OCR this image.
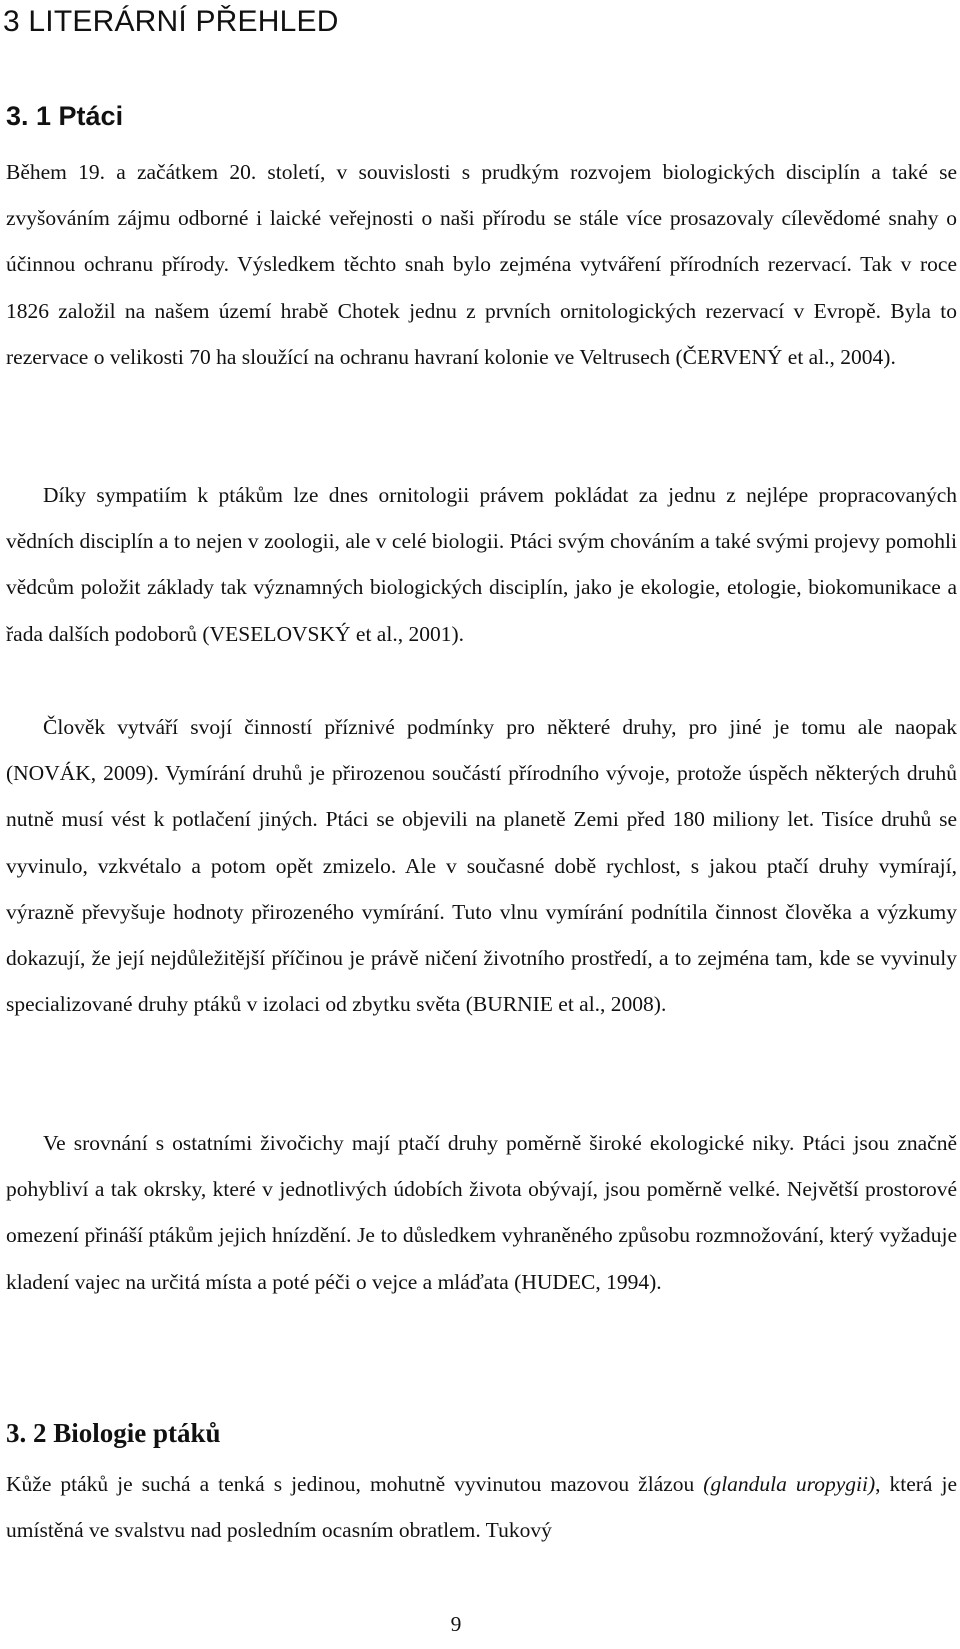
3 LITERÁRNÍ PŘEHLED
3. 1 Ptáci

Během 19. a začátkem 20. století, v souvislosti s prudkým rozvojem biologických disciplín a také se zvyšováním zájmu odborné i laické veřejnosti o naši přírodu se stále více prosazovaly cílevědomé snahy o účinnou ochranu přírody. Výsledkem těchto snah bylo zejména vytváření přírodních rezervací. Tak v roce 1826 založil na našem území hrabě Chotek jednu z prvních ornitologických rezervací v Evropě. Byla to rezervace o velikosti 70 ha sloužící na ochranu havraní kolonie ve Veltrusech (ČERVENÝ et al., 2004).

Díky sympatiím k ptákům lze dnes ornitologii právem pokládat za jednu z nejlépe propracovaných vědních disciplín a to nejen v zoologii, ale v celé biologii. Ptáci svým chováním a také svými projevy pomohli vědcům položit základy tak významných biologických disciplín, jako je ekologie, etologie, biokomunikace a řada dalších podoborů (VESELOVSKÝ et al., 2001).

Člověk vytváří svojí činností příznivé podmínky pro některé druhy, pro jiné je tomu ale naopak (NOVÁK, 2009). Vymírání druhů je přirozenou součástí přírodního vývoje, protože úspěch některých druhů nutně musí vést k potlačení jiných. Ptáci se objevili na planetě Zemi před 180 miliony let. Tisíce druhů se vyvinulo, vzkvétalo a potom opět zmizelo. Ale v současné době rychlost, s jakou ptačí druhy vymírají, výrazně převyšuje hodnoty přirozeného vymírání. Tuto vlnu vymírání podnítila činnost člověka a výzkumy dokazují, že její nejdůležitější příčinou je právě ničení životního prostředí, a to zejména tam, kde se vyvinuly specializované druhy ptáků v izolaci od zbytku světa (BURNIE et al., 2008).

Ve srovnání s ostatními živočichy mají ptačí druhy poměrně široké ekologické niky. Ptáci jsou značně pohybliví a tak okrsky, které v jednotlivých údobích života obývají, jsou poměrně velké. Největší prostorové omezení přináší ptákům jejich hnízdění. Je to důsledkem vyhraněného způsobu rozmnožování, který vyžaduje kladení vajec na určitá místa a poté péči o vejce a mláďata (HUDEC, 1994).

3. 2 Biologie ptáků

Kůže ptáků je suchá a tenká s jedinou, mohutně vyvinutou mazovou žlázou (glandula uropygii), která je umístěná ve svalstvu nad posledním ocasním obratlem. Tukový

9
